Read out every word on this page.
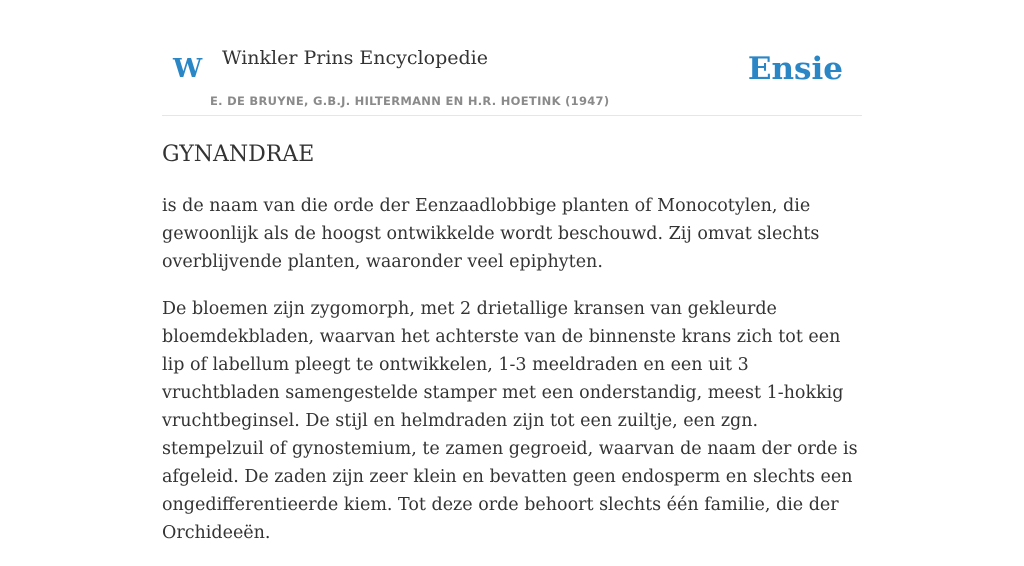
W Winkler Prins Encyclopedie	Ensie
E. DE BRUYNE, G.B.J. HILTERMANN EN H.R. HOETINK (1947)
GYNANDRAE

is de naam van die orde der Eenzaadlobbige planten of Monocotylen, die gewoonlijk als de hoogst ontwikkelde wordt beschouwd. Zij omvat slechts overblijvende planten, waaronder veel epiphyten.

De bloemen zijn zygomorph, met 2 drietallige kransen van gekleurde bloemdekbladen, waarvan het achterste van de binnenste krans zich tot een lip of labellum pleegt te ontwikkelen, 1-3 meeldraden en een uit 3 vruchtbladen samengestelde stamper met een onderstandig, meest 1-hokkig vruchtbeginsel. De stijl en helmdraden zijn tot een zuiltje, een zgn. stempelzuil of gynostemium, te zamen gegroeid, waarvan de naam der orde is afgeleid. De zaden zijn zeer klein en bevatten geen endosperm en slechts een ongedifferentieerde kiem. Tot deze orde behoort slechts één familie, die der Orchideeën.
